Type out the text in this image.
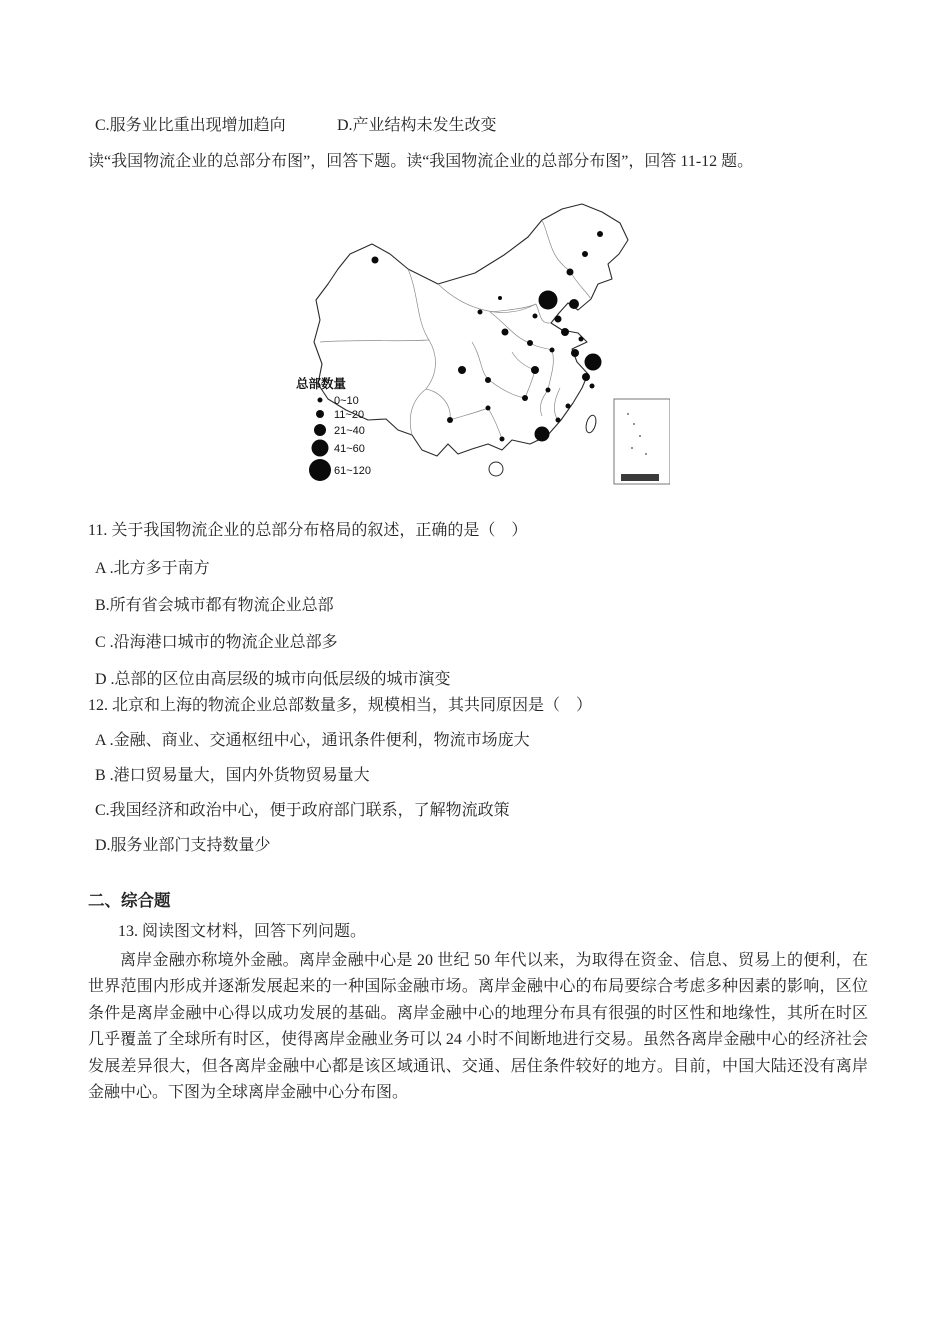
C.服务业比重出现增加趋向	D.产业结构未发生改变
读“我国物流企业的总部分布图”，回答下题。读“我国物流企业的总部分布图”，回答 11-12 题。
总部数量
0~10
11~20
21~40
41~60
61~120
11. 关于我国物流企业的总部分布格局的叙述，正确的是（　）
A .北方多于南方
B.所有省会城市都有物流企业总部
C .沿海港口城市的物流企业总部多
D .总部的区位由高层级的城市向低层级的城市演变
12. 北京和上海的物流企业总部数量多，规模相当，其共同原因是（　）
A .金融、商业、交通枢纽中心，通讯条件便利，物流市场庞大
B .港口贸易量大，国内外货物贸易量大
C.我国经济和政治中心，便于政府部门联系，了解物流政策
D.服务业部门支持数量少
二、综合题
13. 阅读图文材料，回答下列问题。
离岸金融亦称境外金融。离岸金融中心是 20 世纪 50 年代以来，为取得在资金、信息、贸易上的便利，在世界范围内形成并逐渐发展起来的一种国际金融市场。离岸金融中心的布局要综合考虑多种因素的影响，区位条件是离岸金融中心得以成功发展的基础。离岸金融中心的地理分布具有很强的时区性和地缘性，其所在时区几乎覆盖了全球所有时区，使得离岸金融业务可以 24 小时不间断地进行交易。虽然各离岸金融中心的经济社会发展差异很大，但各离岸金融中心都是该区域通讯、交通、居住条件较好的地方。目前，中国大陆还没有离岸金融中心。下图为全球离岸金融中心分布图。
